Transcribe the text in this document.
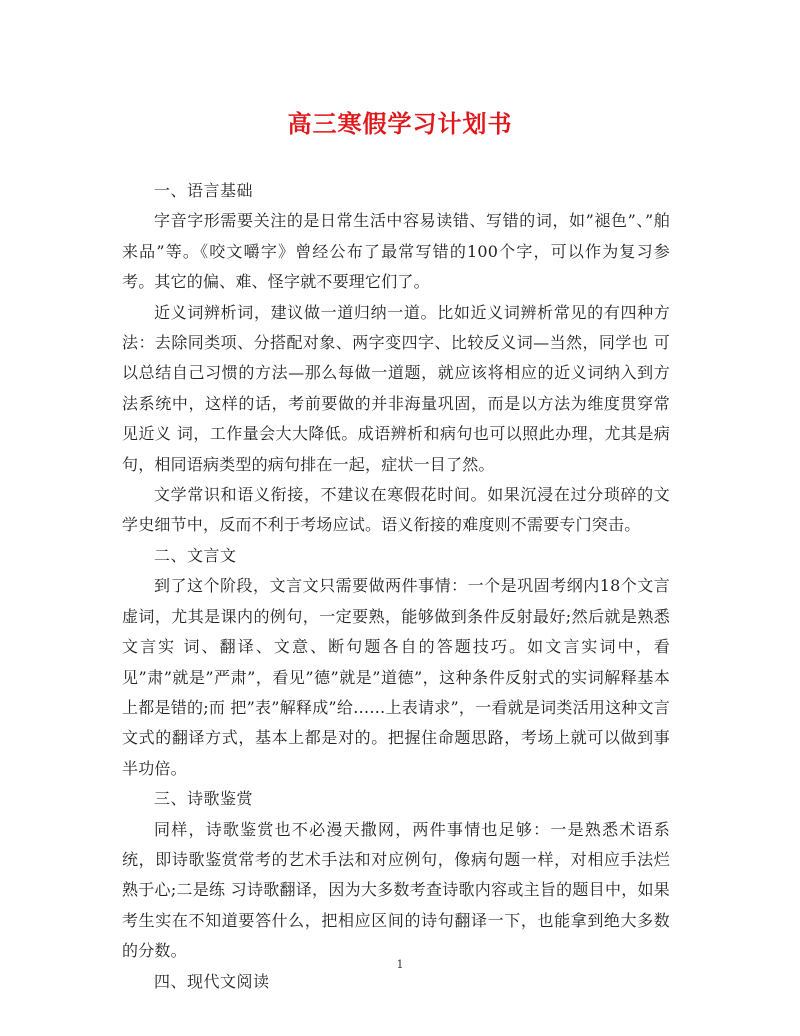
高三寒假学习计划书

一、语言基础

字音字形需要关注的是日常生活中容易读错、写错的词，如”褪色”、”舶来品”等。《咬文嚼字》曾经公布了最常写错的100个字，可以作为复习参考。其它的偏、难、怪字就不要理它们了。

近义词辨析词，建议做一道归纳一道。比如近义词辨析常见的有四种方法：去除同类项、分搭配对象、两字变四字、比较反义词—当然，同学也 可以总结自己习惯的方法—那么每做一道题，就应该将相应的近义词纳入到方法系统中，这样的话，考前要做的并非海量巩固，而是以方法为维度贯穿常见近义 词，工作量会大大降低。成语辨析和病句也可以照此办理，尤其是病句，相同语病类型的病句排在一起，症状一目了然。

文学常识和语义衔接，不建议在寒假花时间。如果沉浸在过分琐碎的文学史细节中，反而不利于考场应试。语义衔接的难度则不需要专门突击。

二、文言文

到了这个阶段，文言文只需要做两件事情：一个是巩固考纲内18个文言虚词，尤其是课内的例句，一定要熟，能够做到条件反射最好;然后就是熟悉文言实 词、翻译、文意、断句题各自的答题技巧。如文言实词中，看见”肃”就是”严肃”，看见”德”就是”道德”，这种条件反射式的实词解释基本上都是错的;而 把”表”解释成”给……上表请求”，一看就是词类活用这种文言文式的翻译方式，基本上都是对的。把握住命题思路，考场上就可以做到事半功倍。

三、诗歌鉴赏

同样，诗歌鉴赏也不必漫天撒网，两件事情也足够：一是熟悉术语系统，即诗歌鉴赏常考的艺术手法和对应例句，像病句题一样，对相应手法烂熟于心;二是练 习诗歌翻译，因为大多数考查诗歌内容或主旨的题目中，如果考生实在不知道要答什么，把相应区间的诗句翻译一下，也能拿到绝大多数的分数。

四、现代文阅读

1
